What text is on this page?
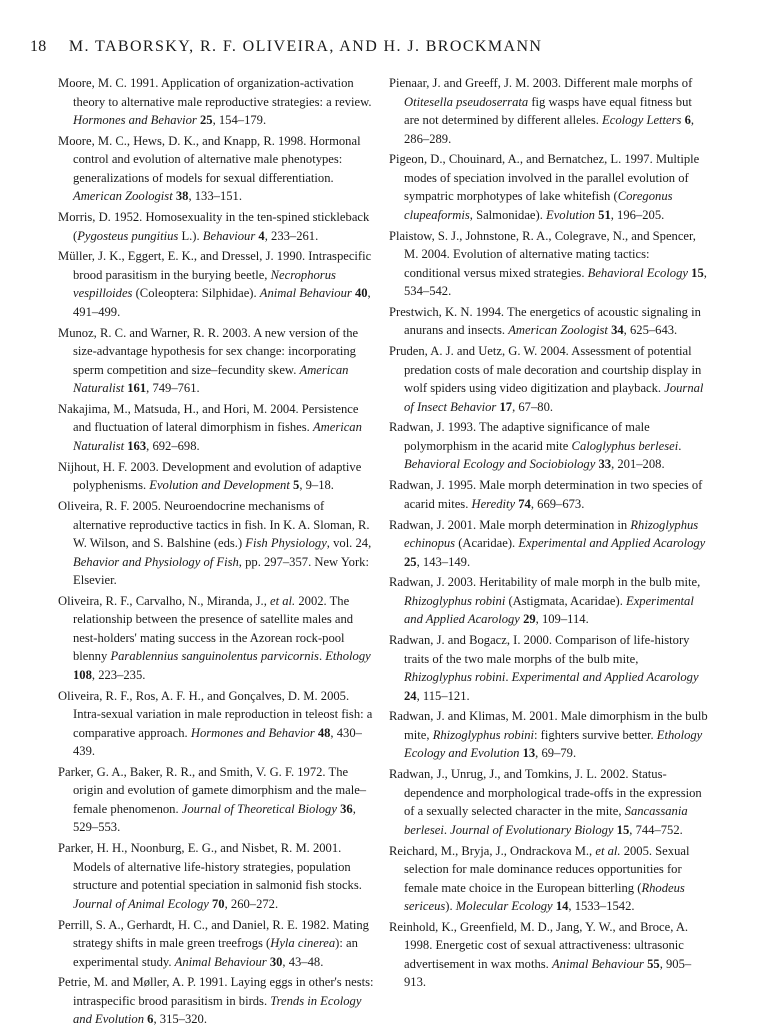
18 M. TABORSKY, R. F. OLIVEIRA, AND H. J. BROCKMANN

Moore, M. C. 1991. Application of organization-activation theory to alternative male reproductive strategies: a review. Hormones and Behavior 25, 154–179.

Moore, M. C., Hews, D. K., and Knapp, R. 1998. Hormonal control and evolution of alternative male phenotypes: generalizations of models for sexual differentiation. American Zoologist 38, 133–151.

Morris, D. 1952. Homosexuality in the ten-spined stickleback (Pygosteus pungitius L.). Behaviour 4, 233–261.

Müller, J. K., Eggert, E. K., and Dressel, J. 1990. Intraspecific brood parasitism in the burying beetle, Necrophorus vespilloides (Coleoptera: Silphidae). Animal Behaviour 40, 491–499.

Munoz, R. C. and Warner, R. R. 2003. A new version of the size-advantage hypothesis for sex change: incorporating sperm competition and size–fecundity skew. American Naturalist 161, 749–761.

Nakajima, M., Matsuda, H., and Hori, M. 2004. Persistence and fluctuation of lateral dimorphism in fishes. American Naturalist 163, 692–698.

Nijhout, H. F. 2003. Development and evolution of adaptive polyphenisms. Evolution and Development 5, 9–18.

Oliveira, R. F. 2005. Neuroendocrine mechanisms of alternative reproductive tactics in fish. In K. A. Sloman, R. W. Wilson, and S. Balshine (eds.) Fish Physiology, vol. 24, Behavior and Physiology of Fish, pp. 297–357. New York: Elsevier.

Oliveira, R. F., Carvalho, N., Miranda, J., et al. 2002. The relationship between the presence of satellite males and nest-holders' mating success in the Azorean rock-pool blenny Parablennius sanguinolentus parvicornis. Ethology 108, 223–235.

Oliveira, R. F., Ros, A. F. H., and Gonçalves, D. M. 2005. Intra-sexual variation in male reproduction in teleost fish: a comparative approach. Hormones and Behavior 48, 430–439.

Parker, G. A., Baker, R. R., and Smith, V. G. F. 1972. The origin and evolution of gamete dimorphism and the male–female phenomenon. Journal of Theoretical Biology 36, 529–553.

Parker, H. H., Noonburg, E. G., and Nisbet, R. M. 2001. Models of alternative life-history strategies, population structure and potential speciation in salmonid fish stocks. Journal of Animal Ecology 70, 260–272.

Perrill, S. A., Gerhardt, H. C., and Daniel, R. E. 1982. Mating strategy shifts in male green treefrogs (Hyla cinerea): an experimental study. Animal Behaviour 30, 43–48.

Petrie, M. and Møller, A. P. 1991. Laying eggs in other's nests: intraspecific brood parasitism in birds. Trends in Ecology and Evolution 6, 315–320.

Pienaar, J. and Greeff, J. M. 2003. Different male morphs of Otitesella pseudoserrata fig wasps have equal fitness but are not determined by different alleles. Ecology Letters 6, 286–289.

Pigeon, D., Chouinard, A., and Bernatchez, L. 1997. Multiple modes of speciation involved in the parallel evolution of sympatric morphotypes of lake whitefish (Coregonus clupeaformis, Salmonidae). Evolution 51, 196–205.

Plaistow, S. J., Johnstone, R. A., Colegrave, N., and Spencer, M. 2004. Evolution of alternative mating tactics: conditional versus mixed strategies. Behavioral Ecology 15, 534–542.

Prestwich, K. N. 1994. The energetics of acoustic signaling in anurans and insects. American Zoologist 34, 625–643.

Pruden, A. J. and Uetz, G. W. 2004. Assessment of potential predation costs of male decoration and courtship display in wolf spiders using video digitization and playback. Journal of Insect Behavior 17, 67–80.

Radwan, J. 1993. The adaptive significance of male polymorphism in the acarid mite Caloglyphus berlesei. Behavioral Ecology and Sociobiology 33, 201–208.

Radwan, J. 1995. Male morph determination in two species of acarid mites. Heredity 74, 669–673.

Radwan, J. 2001. Male morph determination in Rhizoglyphus echinopus (Acaridae). Experimental and Applied Acarology 25, 143–149.

Radwan, J. 2003. Heritability of male morph in the bulb mite, Rhizoglyphus robini (Astigmata, Acaridae). Experimental and Applied Acarology 29, 109–114.

Radwan, J. and Bogacz, I. 2000. Comparison of life-history traits of the two male morphs of the bulb mite, Rhizoglyphus robini. Experimental and Applied Acarology 24, 115–121.

Radwan, J. and Klimas, M. 2001. Male dimorphism in the bulb mite, Rhizoglyphus robini: fighters survive better. Ethology Ecology and Evolution 13, 69–79.

Radwan, J., Unrug, J., and Tomkins, J. L. 2002. Status-dependence and morphological trade-offs in the expression of a sexually selected character in the mite, Sancassania berlesei. Journal of Evolutionary Biology 15, 744–752.

Reichard, M., Bryja, J., Ondrackova M., et al. 2005. Sexual selection for male dominance reduces opportunities for female mate choice in the European bitterling (Rhodeus sericeus). Molecular Ecology 14, 1533–1542.

Reinhold, K., Greenfield, M. D., Jang, Y. W., and Broce, A. 1998. Energetic cost of sexual attractiveness: ultrasonic advertisement in wax moths. Animal Behaviour 55, 905–913.
